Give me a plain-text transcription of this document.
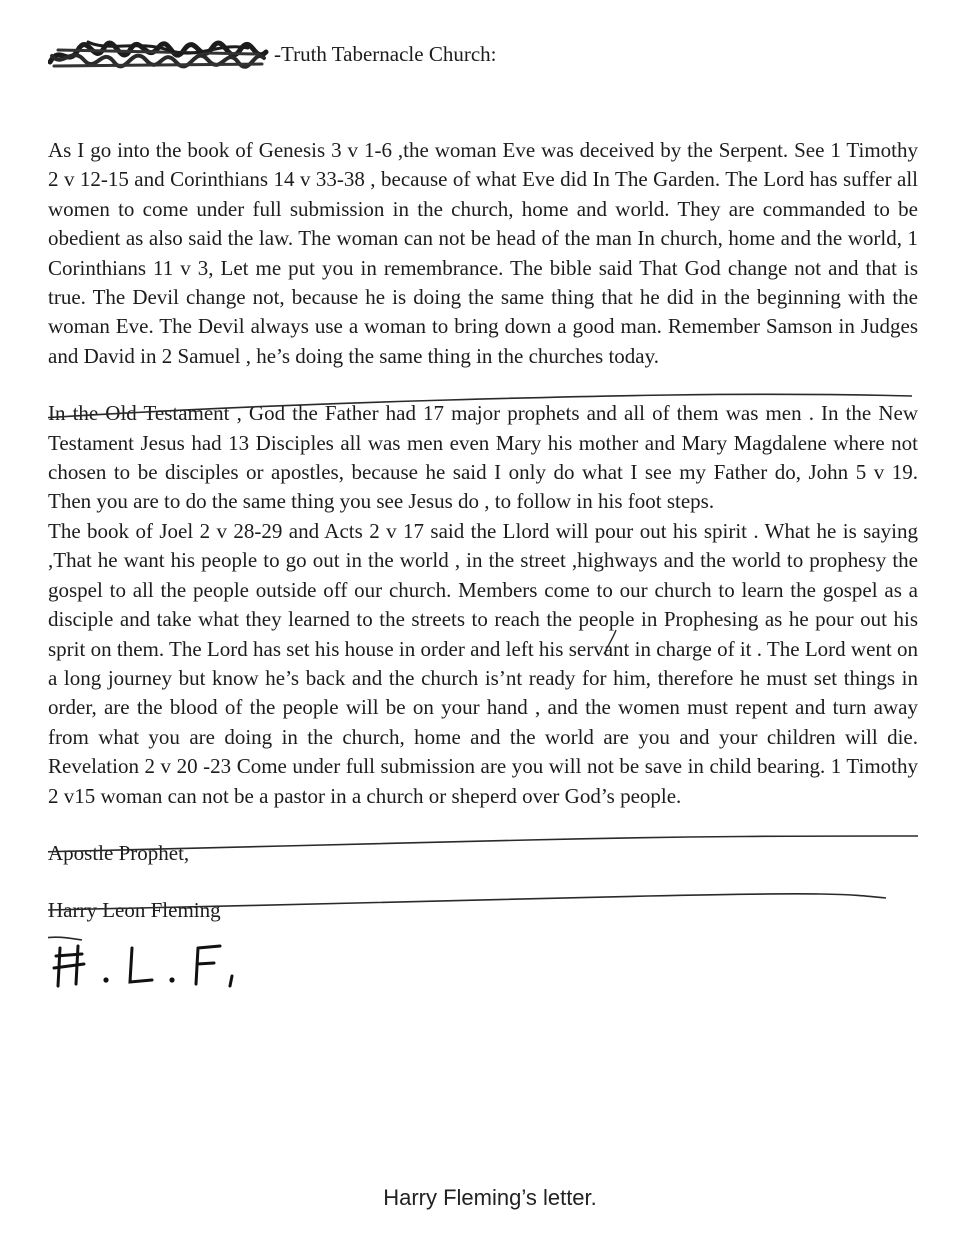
-Truth Tabernacle Church:

As I go into the book of Genesis 3 v 1-6 ,the woman Eve was deceived by the Serpent. See 1 Timothy 2 v 12-15 and Corinthians 14 v 33-38 , because of what Eve did In The Garden. The Lord has suffer all women to come under full submission in the church, home and world. They are commanded to be obedient as also said the law. The woman can not be head of the man In church, home and the world, 1 Corinthians 11 v 3, Let me put you in remembrance. The bible said That God change not and that is true. The Devil change not, because he is doing the same thing that he did in the beginning with the woman Eve. The Devil always use a woman to bring down a good man. Remember Samson in Judges and David in 2 Samuel , he’s doing the same thing in the churches today.

In the Old Testament , God the Father had 17 major prophets and all of them was men . In the New Testament Jesus had 13 Disciples all was men even Mary his mother and Mary Magdalene where not chosen to be disciples or apostles, because he said I only do what I see my Father do, John 5 v 19. Then you are to do the same thing you see Jesus do , to follow in his foot steps.

The book of Joel 2 v 28-29 and Acts 2 v 17 said the Llord will pour out his spirit . What he is saying ,That he want his people to go out in the world , in the street ,highways and the world to prophesy the gospel to all the people outside off our church. Members come to our church to learn the gospel as a disciple and take what they learned to the streets to reach the people in Prophesing as he pour out his sprit on them. The Lord has set his house in order and left his servant in charge of it . The Lord went on a long journey but know he’s back and the church is’nt ready for him, therefore he must set things in order, are the blood of the people will be on your hand , and the women must repent and turn away from what you are doing in the church, home and the world are you and your children will die. Revelation 2 v 20 -23 Come under full submission are you will not be save in child bearing. 1 Timothy 2 v15 woman can not be a pastor in a church or sheperd over God’s people.

Apostle Prophet,

Harry Leon Fleming

Harry Fleming’s letter.
